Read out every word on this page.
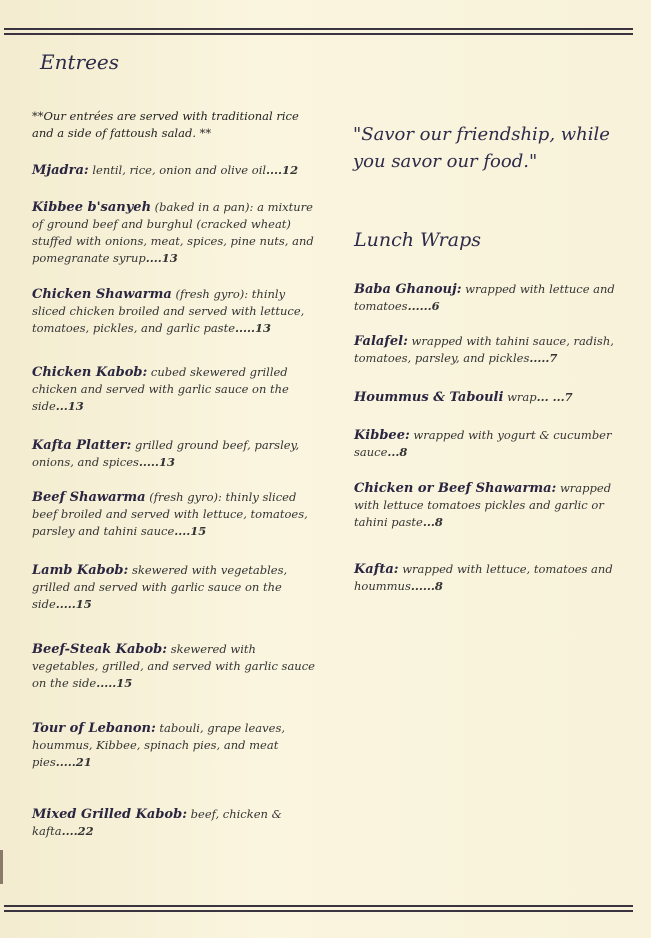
Entrees
**Our entrées are served with traditional rice and a side of fattoush salad. **
Mjadra: lentil, rice, onion and olive oil....12
Kibbee b'sanyeh (baked in a pan): a mixture of ground beef and burghul (cracked wheat) stuffed with onions, meat, spices, pine nuts, and pomegranate syrup....13
Chicken Shawarma (fresh gyro): thinly sliced chicken broiled and served with lettuce, tomatoes, pickles, and garlic paste.....13
Chicken Kabob: cubed skewered grilled chicken and served with garlic sauce on the side...13
Kafta Platter: grilled ground beef, parsley, onions, and spices.....13
Beef Shawarma (fresh gyro): thinly sliced beef broiled and served with lettuce, tomatoes, parsley and tahini sauce....15
Lamb Kabob: skewered with vegetables, grilled and served with garlic sauce on the side.....15
Beef-Steak Kabob: skewered with vegetables, grilled, and served with garlic sauce on the side.....15
Tour of Lebanon: tabouli, grape leaves, hoummus, Kibbee, spinach pies, and meat pies.....21
Mixed Grilled Kabob: beef, chicken & kafta....22
"Savor our friendship, while you savor our food."
Lunch Wraps
Baba Ghanouj: wrapped with lettuce and tomatoes......6
Falafel: wrapped with tahini sauce, radish, tomatoes, parsley, and pickles.....7
Hoummus & Tabouli wrap... ...7
Kibbee: wrapped with yogurt & cucumber sauce...8
Chicken or Beef Shawarma: wrapped with lettuce tomatoes pickles and garlic or tahini paste...8
Kafta: wrapped with lettuce, tomatoes and hoummus......8
